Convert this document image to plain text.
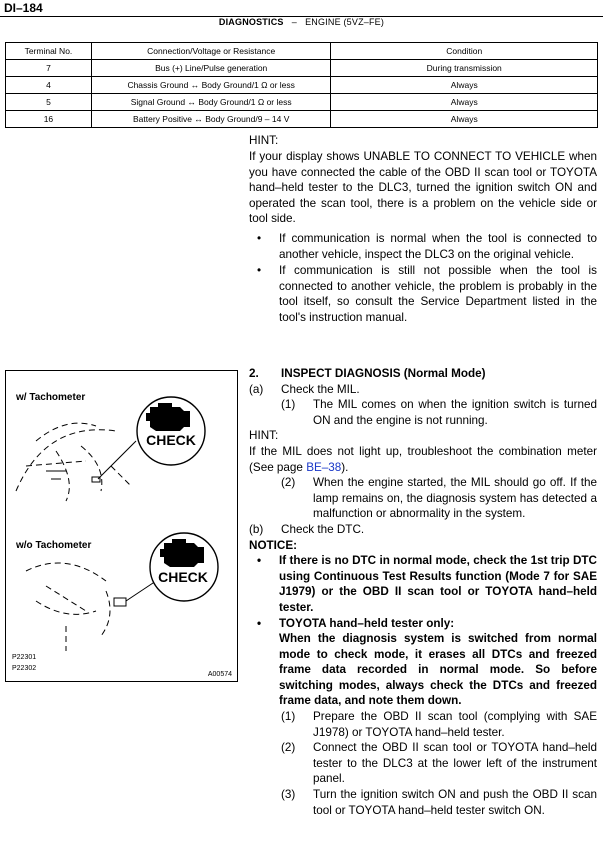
DI–184
DIAGNOSTICS – ENGINE (5VZ–FE)
Terminal No.	Connection/Voltage or Resistance	Condition
7	Bus (+) Line/Pulse generation	During transmission
4	Chassis Ground ↔ Body Ground/1 Ω or less	Always
5	Signal Ground ↔ Body Ground/1 Ω or less	Always
16	Battery Positive ↔ Body Ground/9 – 14 V	Always
HINT:
If your display shows UNABLE TO CONNECT TO VEHICLE when you have connected the cable of the OBD II scan tool or TOYOTA hand–held tester to the DLC3, turned the ignition switch ON and operated the scan tool, there is a problem on the vehicle side or tool side.
•	If communication is normal when the tool is connected to another vehicle, inspect the DLC3 on the original vehicle.
•	If communication is still not possible when the tool is connected to another vehicle, the problem is probably in the tool itself, so consult the Service Department listed in the tool's instruction manual.
w/ Tachometer
CHECK
w/o Tachometer
CHECK
P22301
P22302
A00574
2.	INSPECT DIAGNOSIS (Normal Mode)
(a)	Check the MIL.
(1)	The MIL comes on when the ignition switch is turned ON and the engine is not running.
HINT:
If the MIL does not light up, troubleshoot the combination meter (See page BE–38).
(2)	When the engine started, the MIL should go off. If the lamp remains on, the diagnosis system has detected a malfunction or abnormality in the system.
(b)	Check the DTC.
NOTICE:
•	If there is no DTC in normal mode, check the 1st trip DTC using Continuous Test Results function (Mode 7 for SAE J1979) or the OBD II scan tool or TOYOTA hand–held tester.
•	TOYOTA hand–held tester only:
When the diagnosis system is switched from normal mode to check mode, it erases all DTCs and freezed frame data recorded in normal mode. So before switching modes, always check the DTCs and freezed frame data, and note them down.
(1)	Prepare the OBD II scan tool (complying with SAE J1978) or TOYOTA hand–held tester.
(2)	Connect the OBD II scan tool or TOYOTA hand–held tester to the DLC3 at the lower left of the instrument panel.
(3)	Turn the ignition switch ON and push the OBD II scan tool or TOYOTA hand–held tester switch ON.
